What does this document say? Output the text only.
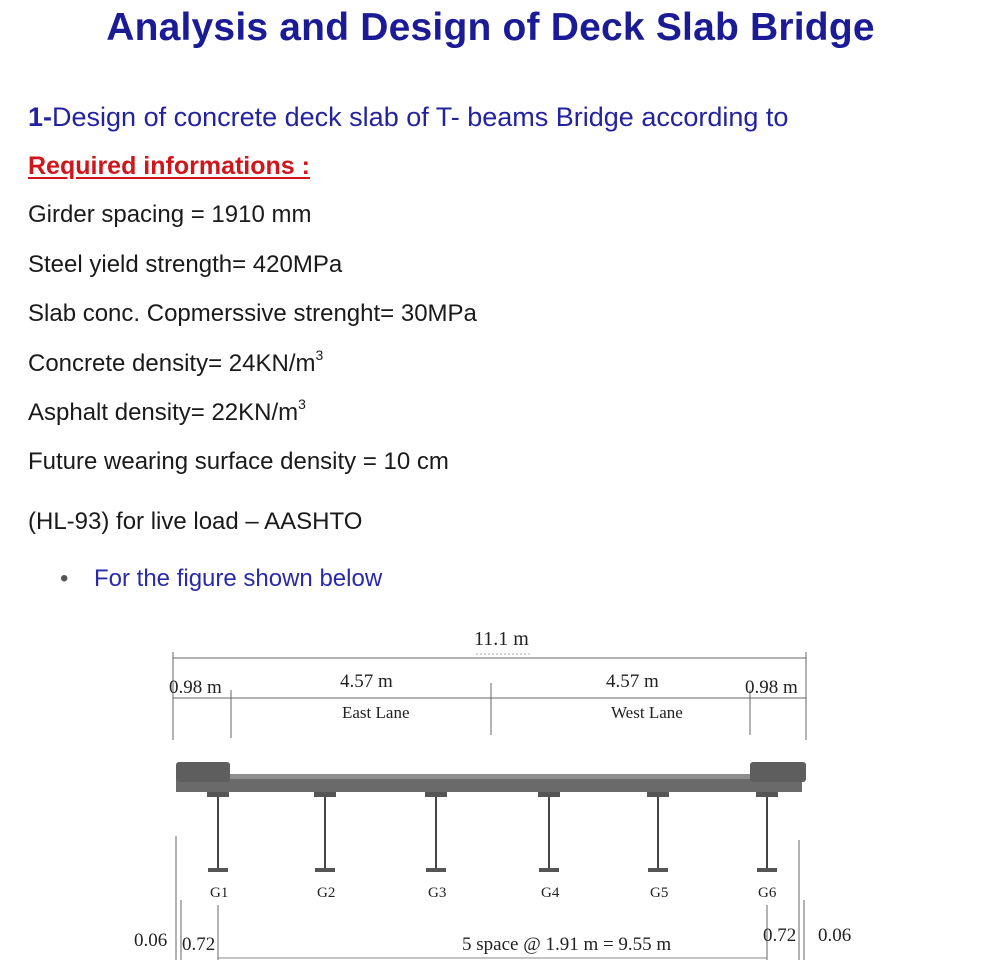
Analysis and Design of Deck Slab Bridge
1-Design of concrete deck slab of T- beams Bridge according to
Required informations :
Girder spacing = 1910 mm
Steel yield strength= 420MPa
Slab conc. Copmerssive strenght= 30MPa
Concrete density= $24KN/m^3$
Asphalt density= $22KN/m^3$
Future wearing surface density = 10 cm
(HL-93) for live load – AASHTO
• For the figure shown below
11.1 m
0.98 m	0.98 m
4.57 m
East Lane
4.57 m
West Lane
G1	G2	G3	G4	G5	G6
0.06 0.72	5 space @ 1.91 m = 9.55 m	0.72 0.06
